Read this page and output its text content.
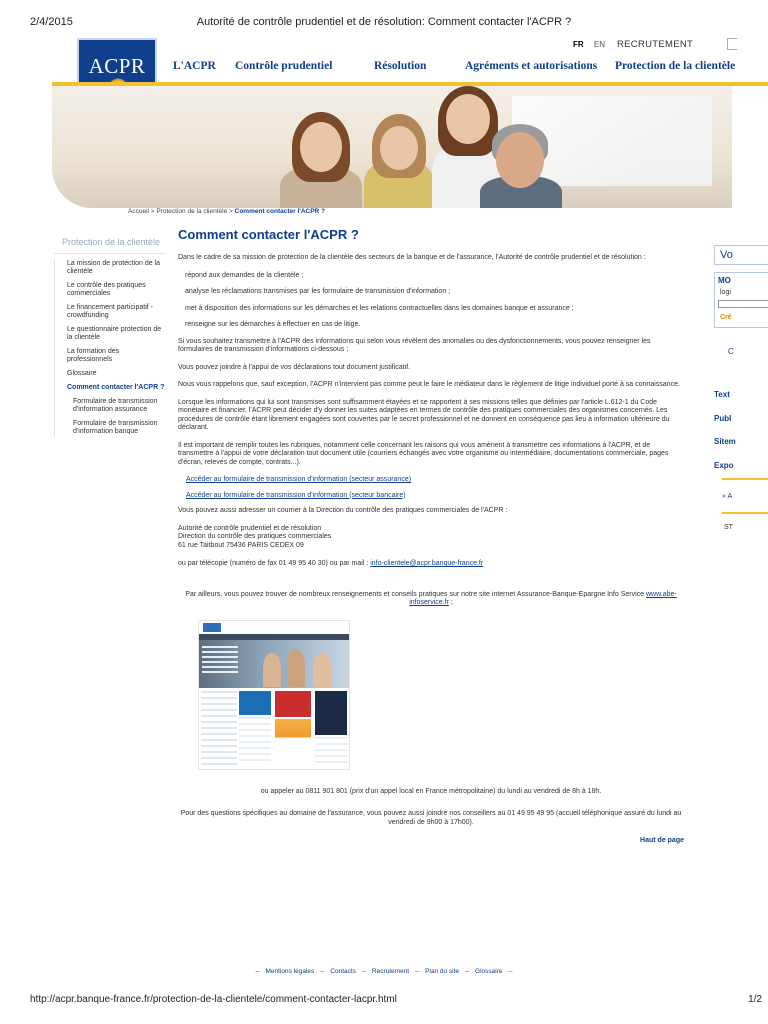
2/4/2015	Autorité de contrôle prudentiel et de résolution: Comment contacter l'ACPR ?
ACPR
FR EN	RECRUTEMENT
L'ACPR Contrôle prudentiel	Résolution	Agréments et autorisations Protection de la clientèle
Accueil > Protection de la clientèle > Comment contacter l'ACPR ?
Protection de la clientèle
La mission de protection de la clientèle
Le contrôle des pratiques commerciales
Le financement participatif - crowdfunding
Le questionnaire protection de la clientèle
La formation des professionnels
Glossaire
Comment contacter l'ACPR ?
Formulaire de transmission d'information assurance
Formulaire de transmission d'information banque
Comment contacter l'ACPR ?

Dans le cadre de sa mission de protection de la clientèle des secteurs de la banque et de l'assurance, l'Autorité de contrôle prudentiel et de résolution :

répond aux demandes de la clientèle ;
analyse les réclamations transmises par les formulaire de transmission d'information ;
met à disposition des informations sur les démarches et les relations contractuelles dans les domaines banque et assurance ;
renseigne sur les démarches à effectuer en cas de litige.

Si vous souhaitez transmettre à l'ACPR des informations qui selon vous révèlent des anomalies ou des dysfonctionnements, vous pouvez renseigner les formulaires de transmission d'informations ci-dessous ;

Vous pouvez joindre à l'appui de vos déclarations tout document justificatif.

Nous vous rappelons que, sauf exception, l'ACPR n'intervient pas comme peut le faire le médiateur dans le règlement de litige individuel porté à sa connaissance.

Lorsque les informations qui lui sont transmises sont suffisamment étayées et se rapportent à ses missions telles que définies par l'article L.612-1 du Code monétaire et financier, l'ACPR peut décider d'y donner les suites adaptées en termes de contrôle des pratiques commerciales des organismes concernés. Les procédures de contrôle étant librement engagées sont couvertes par le secret professionnel et ne donnent en conséquence pas lieu à information ultérieure du déclarant.

Il est important de remplir toutes les rubriques, notamment celle concernant les raisons qui vous amènent à transmettre ces informations à l'ACPR, et de transmettre à l'appui de votre déclaration tout document utile (courriers échangés avec votre organisme ou intermédiaire, documentations commerciale, pages d'écran, relevés de compte, contrats...).

Accéder au formulaire de transmission d'information (secteur assurance)
Accéder au formulaire de transmission d'information (secteur bancaire)

Vous pouvez aussi adresser un courrier à la Direction du contrôle des pratiques commerciales de l'ACPR :

Autorité de contrôle prudentiel et de résolution
Direction du contrôle des pratiques commerciales
61 rue Taitbout 75436 PARIS CEDEX 09

ou par télécopie (numéro de fax 01 49 95 40 30) ou par mail : info-clientele@acpr.banque-france.fr

Par ailleurs, vous pouvez trouver de nombreux renseignements et conseils pratiques sur notre site internet Assurance-Banque-Epargne Info Service www.abe-infoservice.fr ;

ou appeler au 0811 901 801 (prix d'un appel local en France métropolitaine) du lundi au vendredi de 8h à 18h.

Pour des questions spécifiques au domaine de l'assurance, vous pouvez aussi joindre nos conseillers au 01 49 95 49 95 (accueil téléphonique assuré du lundi au vendredi de 9h00 à 17h00).

Haut de page
Vo
MO
logi
Cré
C
Text
Publ
Sitem
Expo
» A
ST
-- Mentions légales -- Contacts -- Recrutement -- Plan du site -- Glossaire --
http://acpr.banque-france.fr/protection-de-la-clientele/comment-contacter-lacpr.html	1/2
